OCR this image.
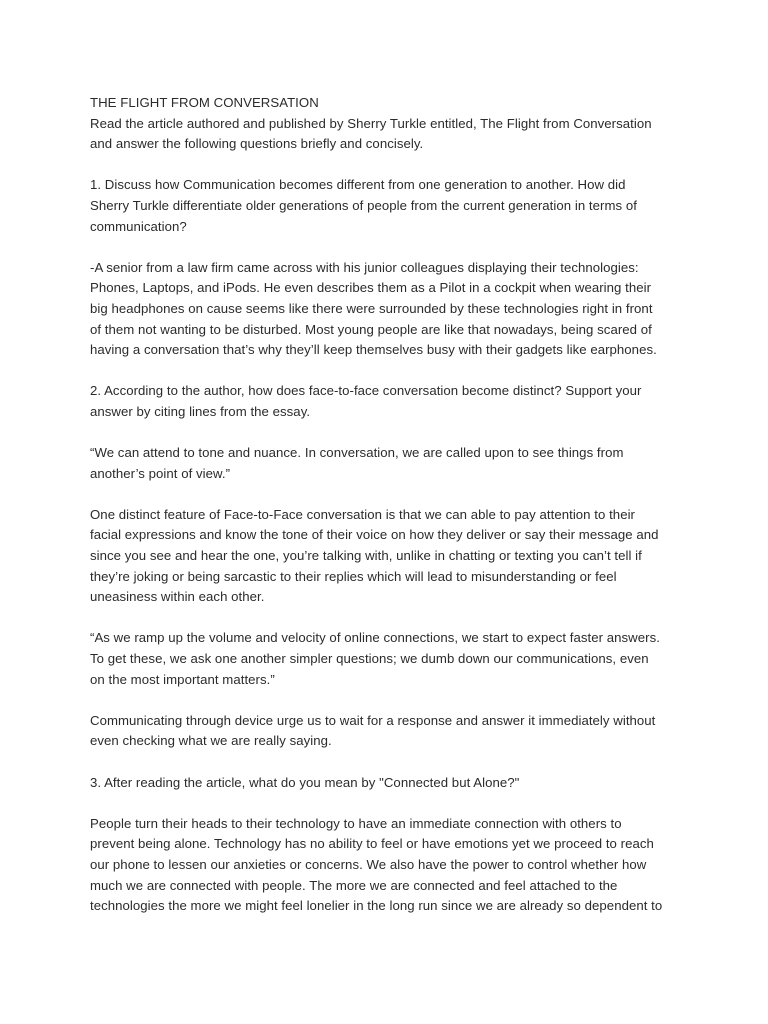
THE FLIGHT FROM CONVERSATION
Read the article authored and published by Sherry Turkle entitled, The Flight from Conversation
and answer the following questions briefly and concisely.
1. Discuss how Communication becomes different from one generation to another. How did
Sherry Turkle differentiate older generations of people from the current generation in terms of
communication?
-A senior from a law firm came across with his junior colleagues displaying their technologies:
Phones, Laptops, and iPods. He even describes them as a Pilot in a cockpit when wearing their
big headphones on cause seems like there were surrounded by these technologies right in front
of them not wanting to be disturbed. Most young people are like that nowadays, being scared of
having a conversation that’s why they’ll keep themselves busy with their gadgets like earphones.
2. According to the author, how does face-to-face conversation become distinct? Support your
answer by citing lines from the essay.
“We can attend to tone and nuance. In conversation, we are called upon to see things from
another’s point of view.”
One distinct feature of Face-to-Face conversation is that we can able to pay attention to their
facial expressions and know the tone of their voice on how they deliver or say their message and
since you see and hear the one, you’re talking with, unlike in chatting or texting you can’t tell if
they’re joking or being sarcastic to their replies which will lead to misunderstanding or feel
uneasiness within each other.
“As we ramp up the volume and velocity of online connections, we start to expect faster answers.
To get these, we ask one another simpler questions; we dumb down our communications, even
on the most important matters.”
Communicating through device urge us to wait for a response and answer it immediately without
even checking what we are really saying.
3. After reading the article, what do you mean by "Connected but Alone?"
People turn their heads to their technology to have an immediate connection with others to
prevent being alone. Technology has no ability to feel or have emotions yet we proceed to reach
our phone to lessen our anxieties or concerns. We also have the power to control whether how
much we are connected with people. The more we are connected and feel attached to the
technologies the more we might feel lonelier in the long run since we are already so dependent to
